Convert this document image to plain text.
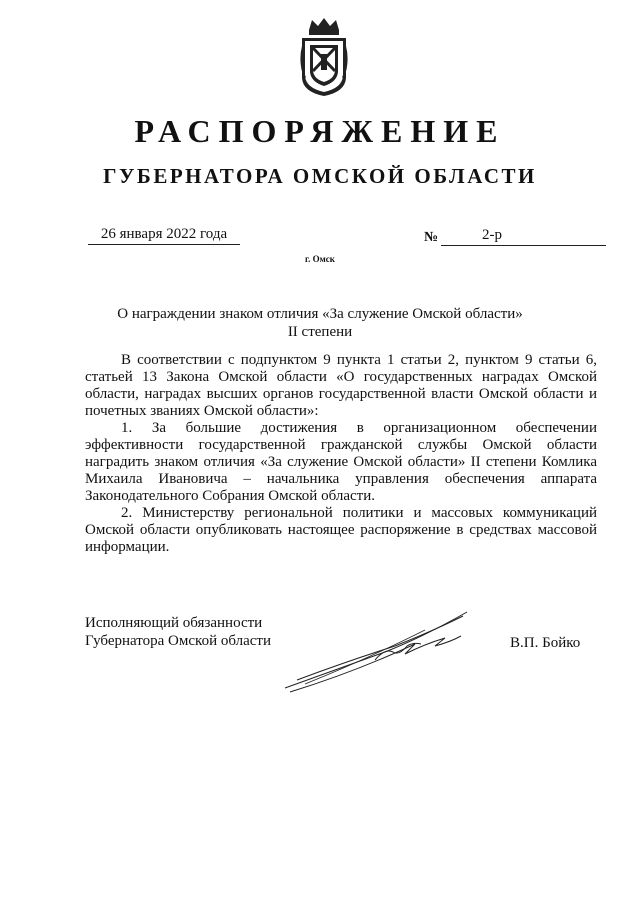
РАСПОРЯЖЕНИЕ
ГУБЕРНАТОРА ОМСКОЙ ОБЛАСТИ
26 января 2022 года	№	2-р
г. Омск
О награждении знаком отличия «За служение Омской области»
II степени

В соответствии с подпунктом 9 пункта 1 статьи 2, пунктом 9 статьи 6, статьей 13 Закона Омской области «О государственных наградах Омской области, наградах высших органов государственной власти Омской области и почетных званиях Омской области»:

1. За большие достижения в организационном обеспечении эффективности государственной гражданской службы Омской области наградить знаком отличия «За служение Омской области» II степени Комлика Михаила Ивановича – начальника управления обеспечения аппарата Законодательного Собрания Омской области.

2. Министерству региональной политики и массовых коммуникаций Омской области опубликовать настоящее распоряжение в средствах массовой информации.

Исполняющий обязанности
Губернатора Омской области	В.П. Бойко
